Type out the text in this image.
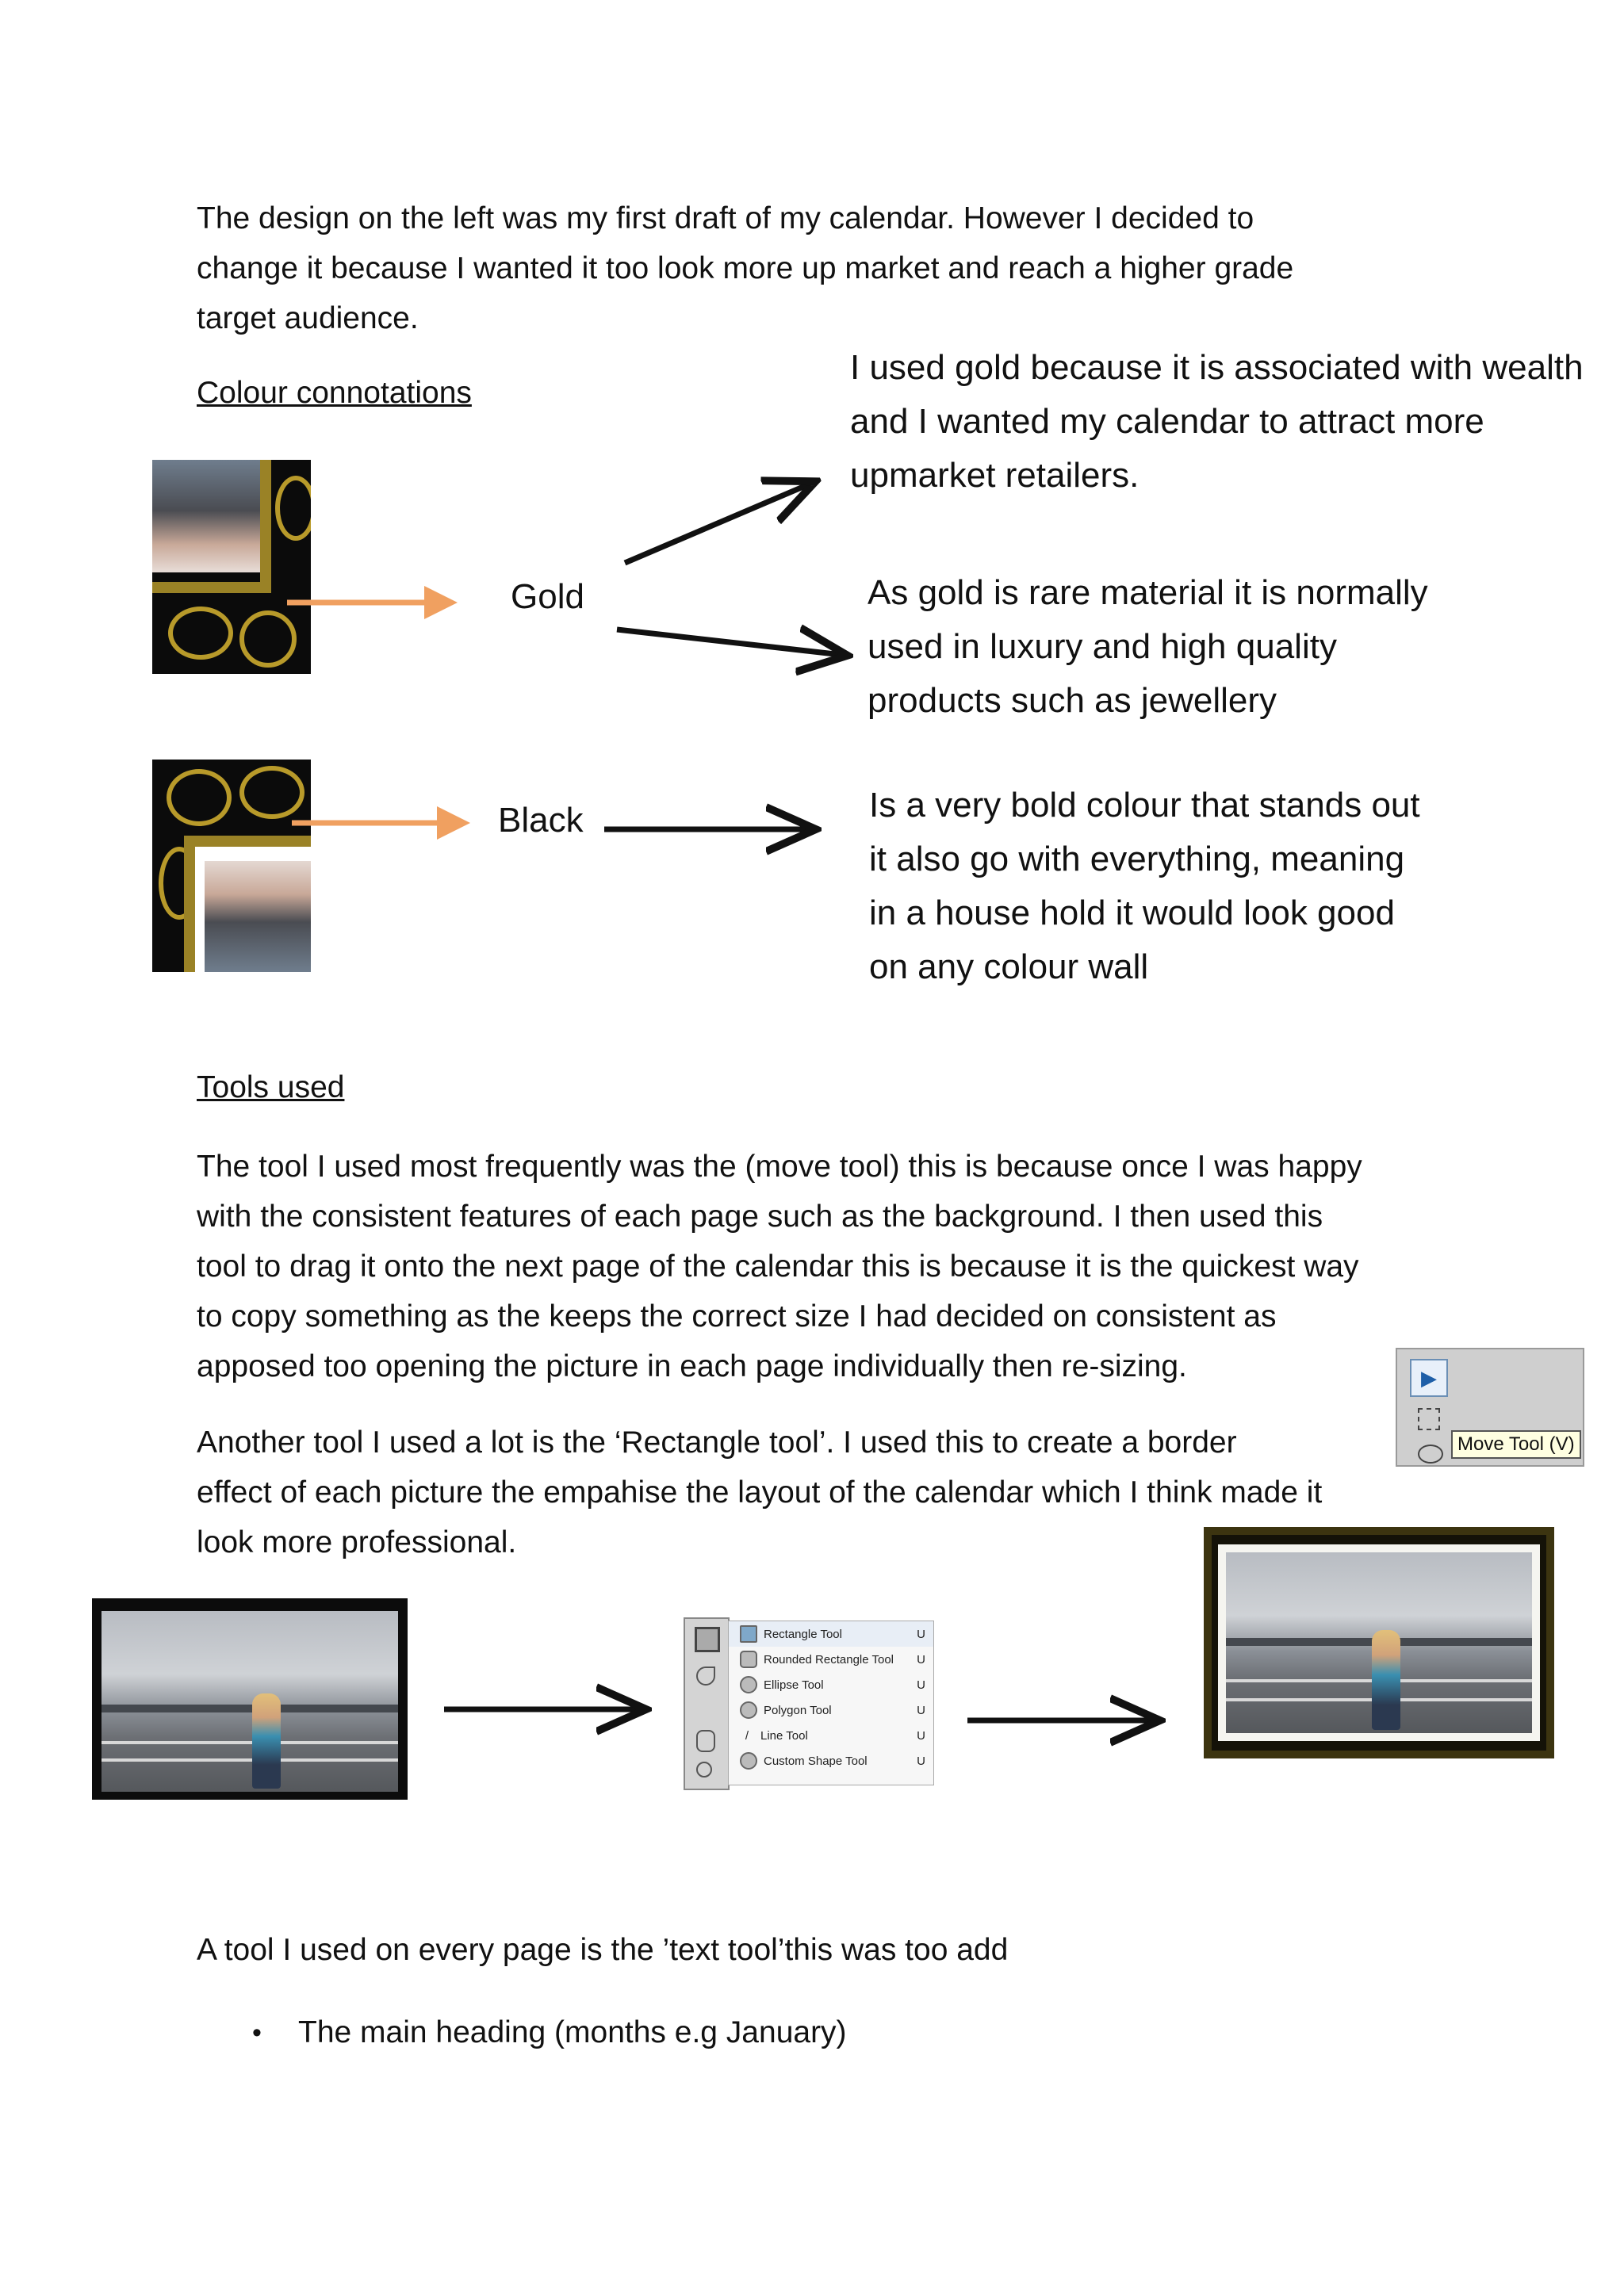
The design on the left was my first draft of my calendar. However I decided to
change it because I wanted it too look more up market and reach a higher grade
target audience.
Colour connotations
I used gold because it is associated with wealth
and I wanted my calendar to attract more
upmarket retailers.
Gold
Black
As gold is rare material it is normally
used in luxury and high quality
products such as jewellery
Is a very bold colour that stands out
it also go with everything, meaning
in a house hold it would look good
on any colour wall
Tools used
The tool I used most frequently was the (move tool) this is because once I was happy
with the consistent features of each page such as the background. I then used this
tool to drag it onto the next page of the calendar this is because it is the quickest way
to copy something as the keeps the correct size I had decided on consistent as
apposed too opening the picture in each page individually then re-sizing.	▶
Move Tool (V)
Another tool I used a lot is the ‘Rectangle tool’. I used this to create a border
effect of each picture the empahise the layout of the calendar which I think made it
look more professional.
Rectangle Tool	U
Rounded Rectangle Tool U
Ellipse Tool	U
Polygon Tool	U
/ Line Tool	U
Custom Shape Tool	U
A tool I used on every page is the ’text tool’this was too add
• The main heading (months e.g January)
